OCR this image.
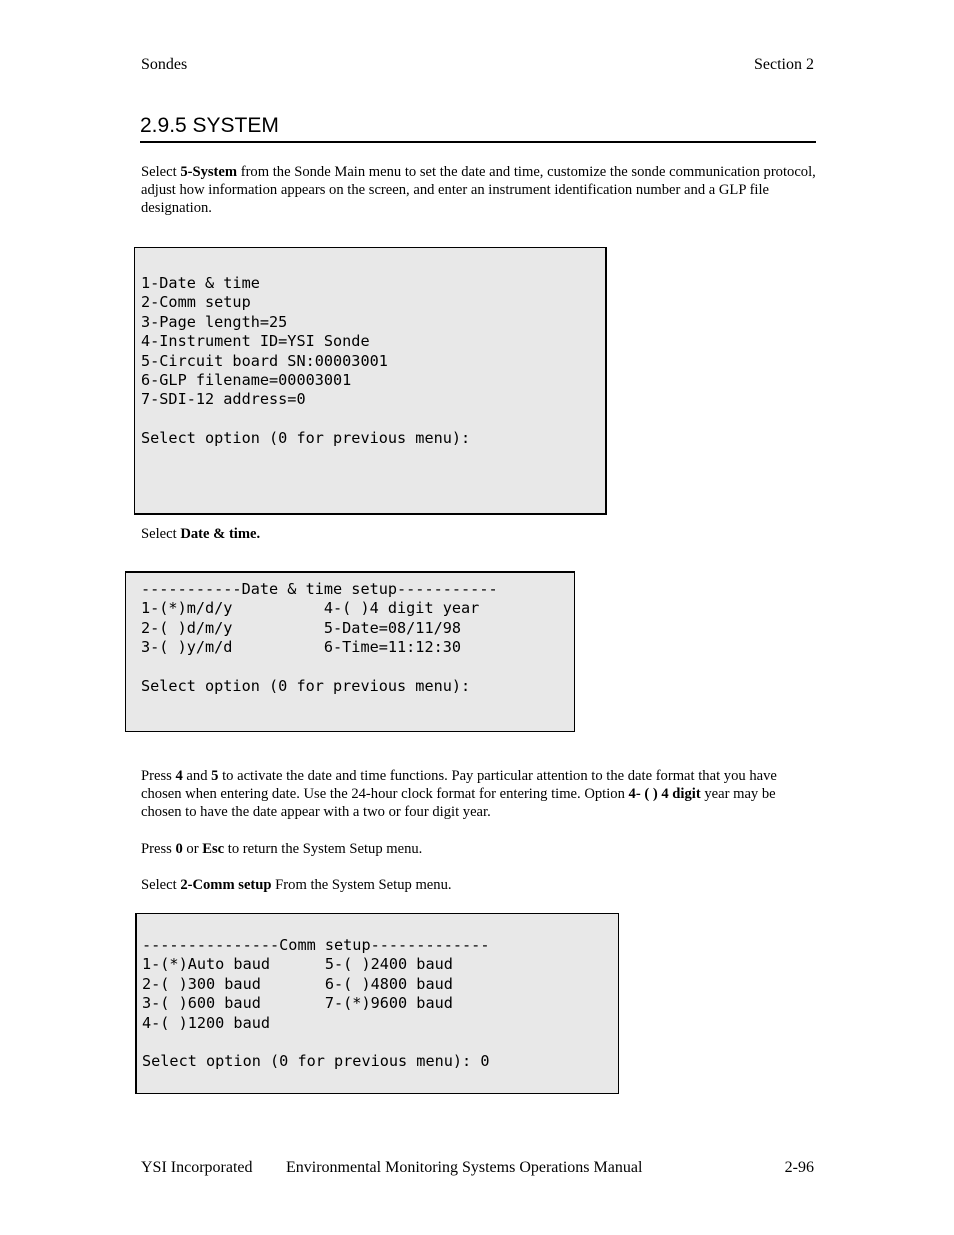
Sondes	Section 2
2.9.5 SYSTEM
Select 5-System from the Sonde Main menu to set the date and time, customize the sonde communication protocol, adjust how information appears on the screen, and enter an instrument identification number and a GLP file designation.
1-Date & time
2-Comm setup
3-Page length=25
4-Instrument ID=YSI Sonde
5-Circuit board SN:00003001
6-GLP filename=00003001
7-SDI-12 address=0
Select option (0 for previous menu):
Select Date & time.
-----------Date & time setup-----------
1-(*)m/d/y          4-( )4 digit year
2-( )d/m/y          5-Date=08/11/98
3-( )y/m/d          6-Time=11:12:30
Select option (0 for previous menu):
Press 4 and 5 to activate the date and time functions. Pay particular attention to the date format that you have chosen when entering date. Use the 24-hour clock format for entering time. Option 4- ( ) 4 digit year may be chosen to have the date appear with a two or four digit year.
Press 0 or Esc to return the System Setup menu.
Select 2-Comm setup From the System Setup menu.
---------------Comm setup-------------
1-(*)Auto baud      5-( )2400 baud
2-( )300 baud       6-( )4800 baud
3-( )600 baud       7-(*)9600 baud
4-( )1200 baud
Select option (0 for previous menu): 0
YSI Incorporated Environmental Monitoring Systems Operations Manual	2-96
